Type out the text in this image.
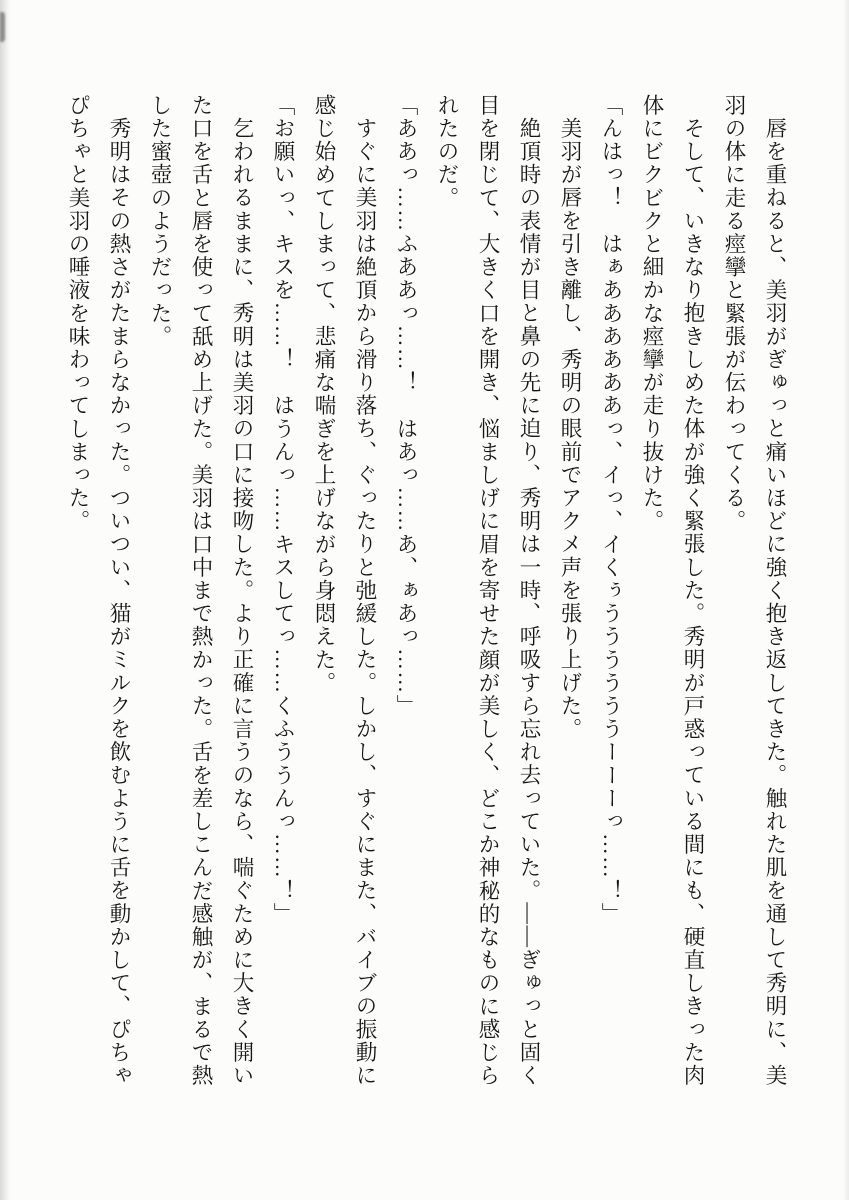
唇を重ねると、美羽がぎゅっと痛いほどに強く抱き返してきた。触れた肌を通して秀明に、美羽の体に走る痙攣と緊張が伝わってくる。

そして、いきなり抱きしめた体が強く緊張した。秀明が戸惑っている間にも、硬直しきった肉体にビクビクと細かな痙攣が走り抜けた。

「んはっ！　はぁああああああっ、イっ、イくぅううううううーーーっ……！」

美羽が唇を引き離し、秀明の眼前でアクメ声を張り上げた。

絶頂時の表情が目と鼻の先に迫り、秀明は一時、呼吸すら忘れ去っていた。――ぎゅっと固く目を閉じて、大きく口を開き、悩ましげに眉を寄せた顔が美しく、どこか神秘的なものに感じられたのだ。

「ああっ……ふああっ……！　はあっ……あ、ぁあっ……」

すぐに美羽は絶頂から滑り落ち、ぐったりと弛緩した。しかし、すぐにまた、バイブの振動に感じ始めてしまって、悲痛な喘ぎを上げながら身悶えた。

「お願いっ、キスを……！　はうんっ……キスしてっ……くふううんっ……！」

乞われるままに、秀明は美羽の口に接吻した。より正確に言うのなら、喘ぐために大きく開いた口を舌と唇を使って舐め上げた。美羽は口中まで熱かった。舌を差しこんだ感触が、まるで熱した蜜壺のようだった。

秀明はその熱さがたまらなかった。ついつい、猫がミルクを飲むように舌を動かして、ぴちゃぴちゃと美羽の唾液を味わってしまった。
